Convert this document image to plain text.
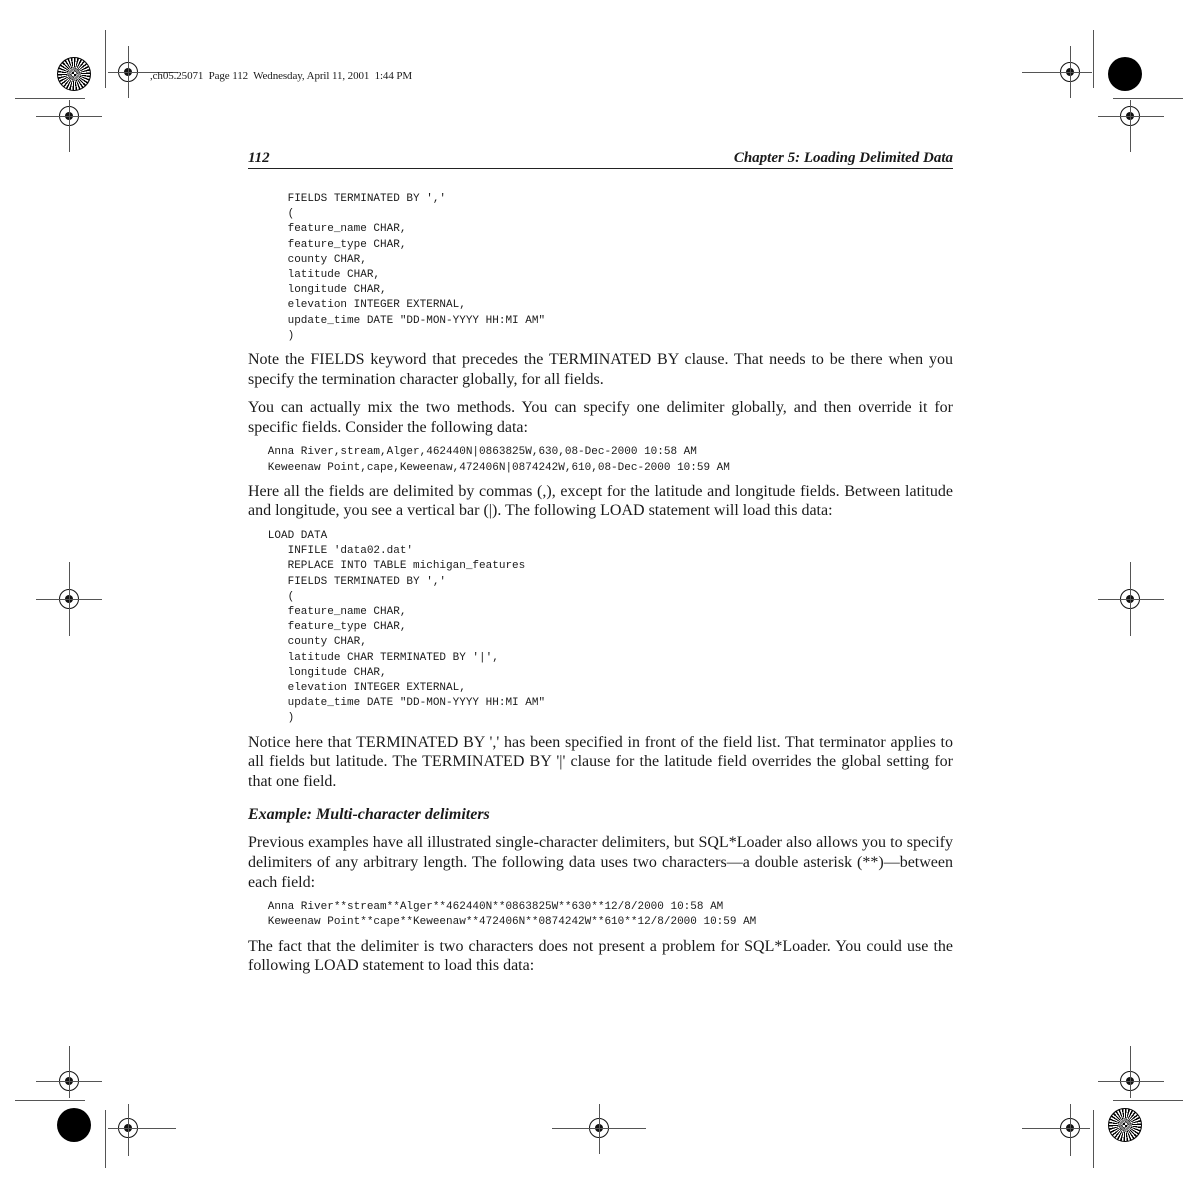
,ch05.25071  Page 112  Wednesday, April 11, 2001  1:44 PM
112	Chapter 5: Loading Delimited Data
FIELDS TERMINATED BY ','
(
feature_name CHAR,
feature_type CHAR,
county CHAR,
latitude CHAR,
longitude CHAR,
elevation INTEGER EXTERNAL,
update_time DATE "DD-MON-YYYY HH:MI AM"
)

Note the FIELDS keyword that precedes the TERMINATED BY clause. That needs to be there when you specify the termination character globally, for all fields.

You can actually mix the two methods. You can specify one delimiter globally, and then override it for specific fields. Consider the following data:

Anna River,stream,Alger,462440N|0863825W,630,08-Dec-2000 10:58 AM
Keweenaw Point,cape,Keweenaw,472406N|0874242W,610,08-Dec-2000 10:59 AM

Here all the fields are delimited by commas (,), except for the latitude and longitude fields. Between latitude and longitude, you see a vertical bar (|). The following LOAD statement will load this data:

LOAD DATA
INFILE 'data02.dat'
REPLACE INTO TABLE michigan_features
FIELDS TERMINATED BY ','
(
feature_name CHAR,
feature_type CHAR,
county CHAR,
latitude CHAR TERMINATED BY '|',
longitude CHAR,
elevation INTEGER EXTERNAL,
update_time DATE "DD-MON-YYYY HH:MI AM"
)

Notice here that TERMINATED BY ',' has been specified in front of the field list. That terminator applies to all fields but latitude. The TERMINATED BY '|' clause for the latitude field overrides the global setting for that one field.

Example: Multi-character delimiters

Previous examples have all illustrated single-character delimiters, but SQL*Loader also allows you to specify delimiters of any arbitrary length. The following data uses two characters—a double asterisk (**)—between each field:

Anna River**stream**Alger**462440N**0863825W**630**12/8/2000 10:58 AM
Keweenaw Point**cape**Keweenaw**472406N**0874242W**610**12/8/2000 10:59 AM

The fact that the delimiter is two characters does not present a problem for SQL*Loader. You could use the following LOAD statement to load this data:
